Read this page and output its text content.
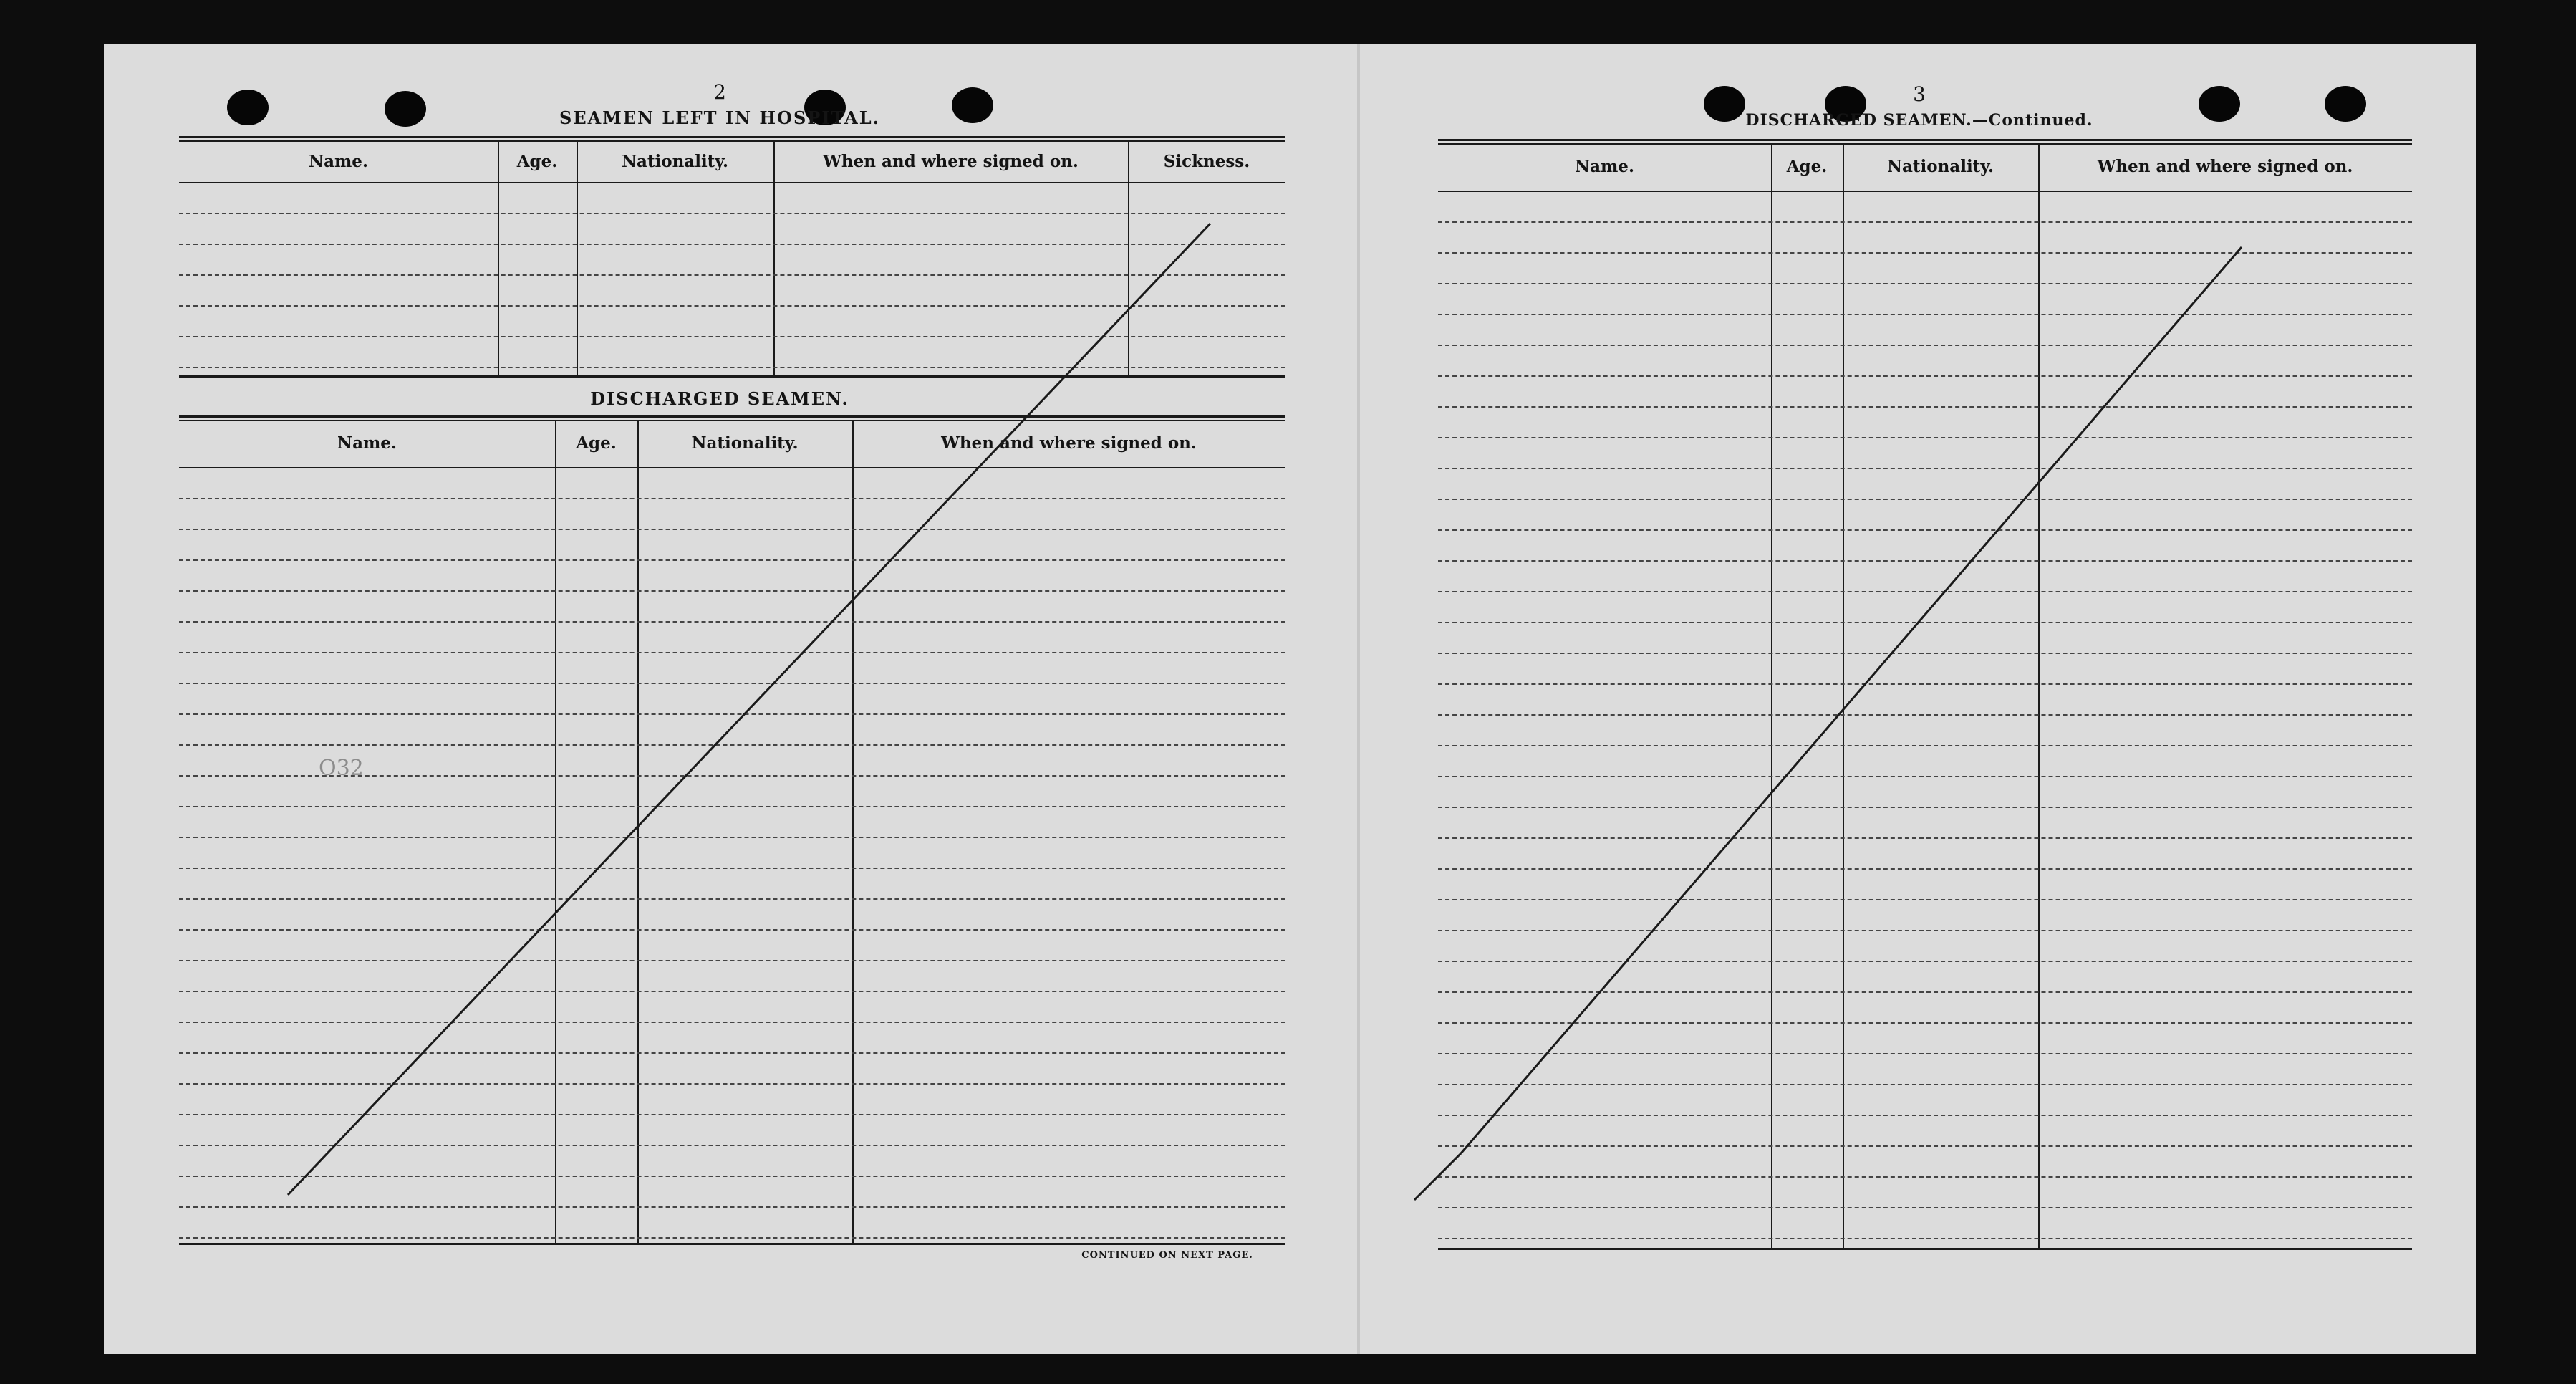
2
SEAMEN LEFT IN HOSPITAL.
Name.	Age.	Nationality.	When and where signed on.	Sickness.
DISCHARGED SEAMEN.
Name.	Age.	Nationality.	When and where signed on.
CONTINUED ON NEXT PAGE.
O32
3
DISCHARGED SEAMEN.—Continued.
Name.	Age.	Nationality.	When and where signed on.
